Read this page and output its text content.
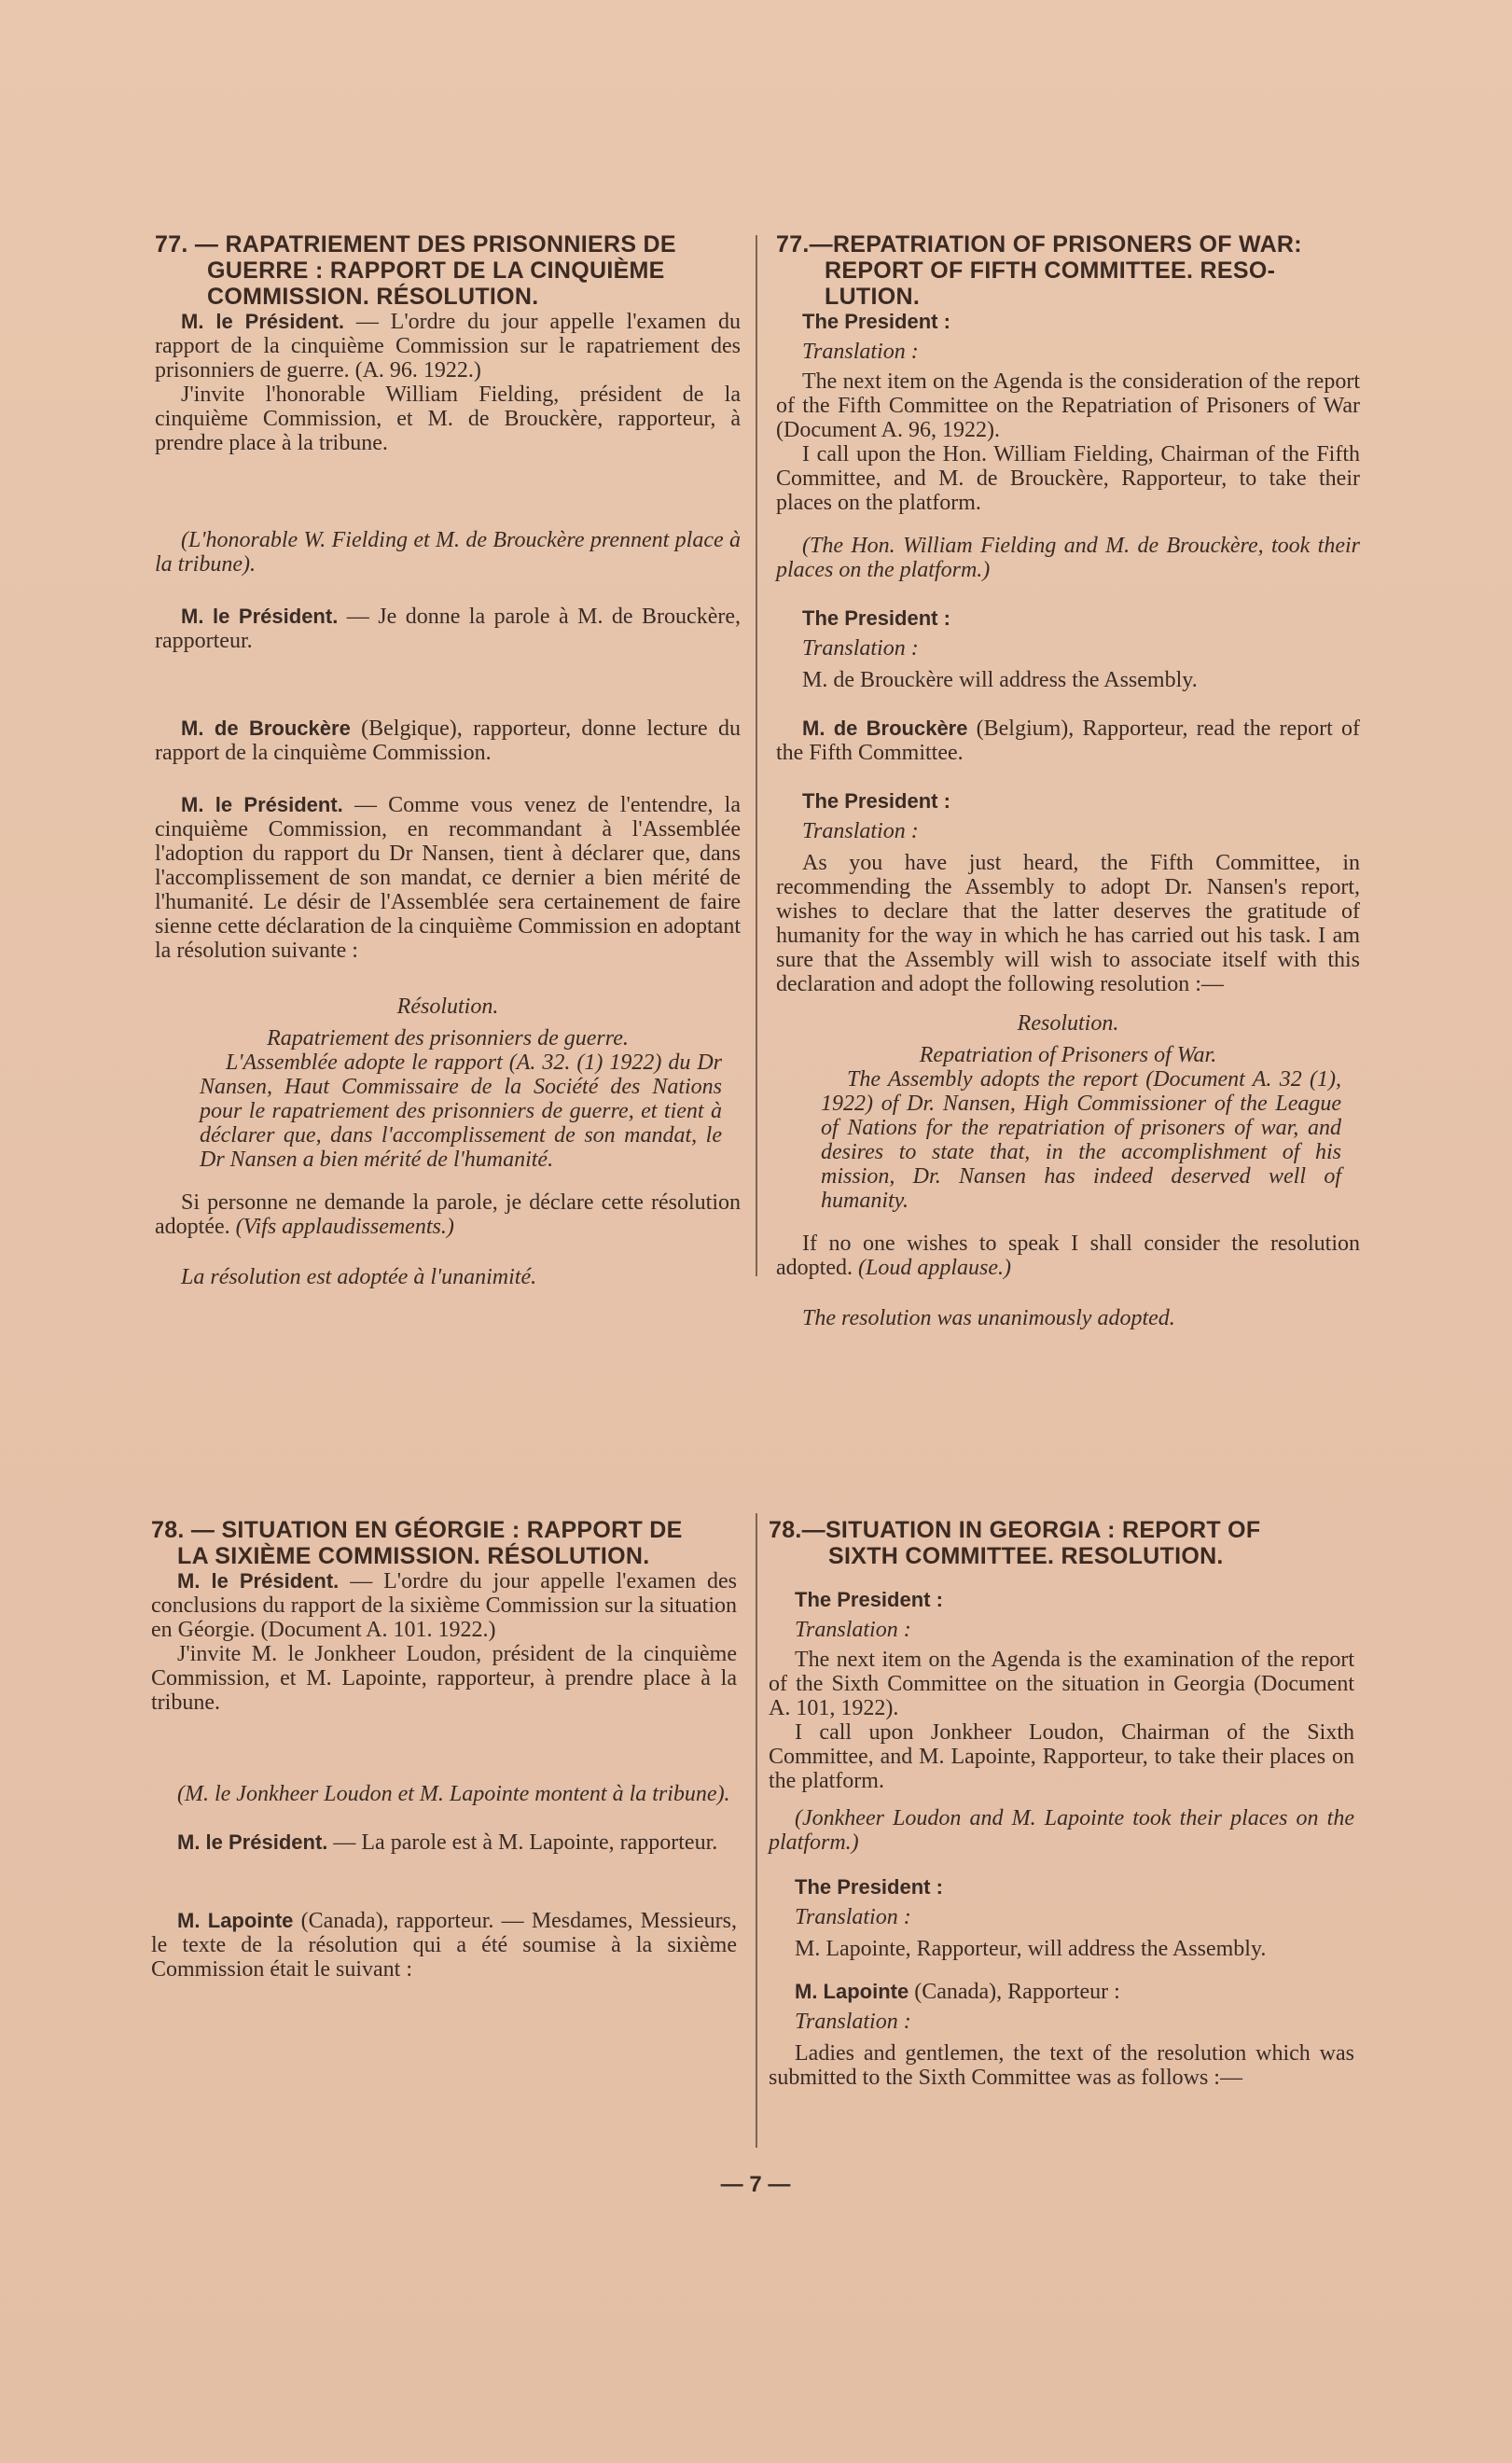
77. — RAPATRIEMENT DES PRISONNIERS DE
GUERRE : RAPPORT DE LA CINQUIÈME
COMMISSION. RÉSOLUTION.

M. le Président. — L'ordre du jour appelle l'examen du rapport de la cinquième Commission sur le rapatriement des prisonniers de guerre. (A. 96. 1922.)

J'invite l'honorable William Fielding, président de la cinquième Commission, et M. de Brouckère, rapporteur, à prendre place à la tribune.

(L'honorable W. Fielding et M. de Brouckère prennent place à la tribune).

M. le Président. — Je donne la parole à M. de Brouckère, rapporteur.

M. de Brouckère (Belgique), rapporteur, donne lecture du rapport de la cinquième Commission.

M. le Président. — Comme vous venez de l'entendre, la cinquième Commission, en recommandant à l'Assemblée l'adoption du rapport du Dr Nansen, tient à déclarer que, dans l'accomplissement de son mandat, ce dernier a bien mérité de l'humanité. Le désir de l'Assemblée sera certainement de faire sienne cette déclaration de la cinquième Commission en adoptant la résolution suivante :

Résolution.

Rapatriement des prisonniers de guerre.

L'Assemblée adopte le rapport (A. 32. (1) 1922) du Dr Nansen, Haut Commissaire de la Société des Nations pour le rapatriement des prisonniers de guerre, et tient à déclarer que, dans l'accomplissement de son mandat, le Dr Nansen a bien mérité de l'humanité.

Si personne ne demande la parole, je déclare cette résolution adoptée. (Vifs applaudissements.)

La résolution est adoptée à l'unanimité.

77.—REPATRIATION OF PRISONERS OF WAR:
REPORT OF FIFTH COMMITTEE. RESO-
LUTION.

The President :

Translation :

The next item on the Agenda is the consideration of the report of the Fifth Committee on the Repatriation of Prisoners of War (Document A. 96, 1922).

I call upon the Hon. William Fielding, Chairman of the Fifth Committee, and M. de Brouckère, Rapporteur, to take their places on the platform.

(The Hon. William Fielding and M. de Brouckère, took their places on the platform.)

The President :

Translation :

M. de Brouckère will address the Assembly.

M. de Brouckère (Belgium), Rapporteur, read the report of the Fifth Committee.

The President :

Translation :

As you have just heard, the Fifth Committee, in recommending the Assembly to adopt Dr. Nansen's report, wishes to declare that the latter deserves the gratitude of humanity for the way in which he has carried out his task. I am sure that the Assembly will wish to associate itself with this declaration and adopt the following resolution :—

Resolution.

Repatriation of Prisoners of War.

The Assembly adopts the report (Document A. 32 (1), 1922) of Dr. Nansen, High Commissioner of the League of Nations for the repatriation of prisoners of war, and desires to state that, in the accomplishment of his mission, Dr. Nansen has indeed deserved well of humanity.

If no one wishes to speak I shall consider the resolution adopted. (Loud applause.)

The resolution was unanimously adopted.

78. — SITUATION EN GÉORGIE : RAPPORT DE
LA SIXIÈME COMMISSION. RÉSOLUTION.

M. le Président. — L'ordre du jour appelle l'examen des conclusions du rapport de la sixième Commission sur la situation en Géorgie. (Document A. 101. 1922.)

J'invite M. le Jonkheer Loudon, président de la cinquième Commission, et M. Lapointe, rapporteur, à prendre place à la tribune.

(M. le Jonkheer Loudon et M. Lapointe montent à la tribune).

M. le Président. — La parole est à M. Lapointe, rapporteur.

M. Lapointe (Canada), rapporteur. — Mesdames, Messieurs, le texte de la résolution qui a été soumise à la sixième Commission était le suivant :

78.—SITUATION IN GEORGIA : REPORT OF
SIXTH COMMITTEE. RESOLUTION.

The President :

Translation :

The next item on the Agenda is the examination of the report of the Sixth Committee on the situation in Georgia (Document A. 101, 1922).

I call upon Jonkheer Loudon, Chairman of the Sixth Committee, and M. Lapointe, Rapporteur, to take their places on the platform.

(Jonkheer Loudon and M. Lapointe took their places on the platform.)

The President :

Translation :

M. Lapointe, Rapporteur, will address the Assembly.

M. Lapointe (Canada), Rapporteur :

Translation :

Ladies and gentlemen, the text of the resolution which was submitted to the Sixth Committee was as follows :—

— 7 —
